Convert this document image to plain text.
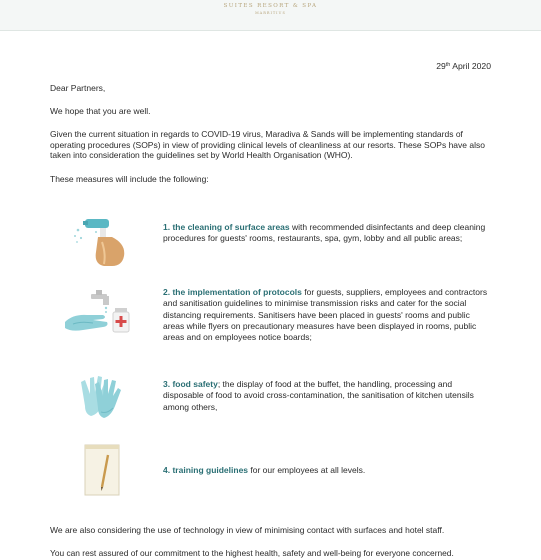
SUITES RESORT & SPA
MARRITIUS
29th April 2020
Dear Partners,
We hope that you are well.
Given the current situation in regards to COVID-19 virus, Maradiva & Sands will be implementing standards of operating procedures (SOPs) in view of providing clinical levels of cleanliness at our resorts. These SOPs have also taken into consideration the guidelines set by World Health Organisation (WHO).
These measures will include the following:
1. the cleaning of surface areas with recommended disinfectants and deep cleaning procedures for guests' rooms, restaurants, spa, gym, lobby and all public areas;
2. the implementation of protocols for guests, suppliers, employees and contractors and sanitisation guidelines to minimise transmission risks and cater for the social distancing requirements. Sanitisers have been placed in guests' rooms and public areas while flyers on precautionary measures have been displayed in rooms, public areas and on employees notice boards;
3. food safety; the display of food at the buffet, the handling, processing and disposable of food to avoid cross-contamination, the sanitisation of kitchen utensils among others,
4. training guidelines for our employees at all levels.
We are also considering the use of technology in view of minimising contact with surfaces and hotel staff.
You can rest assured of our commitment to the highest health, safety and well-being for everyone concerned.
